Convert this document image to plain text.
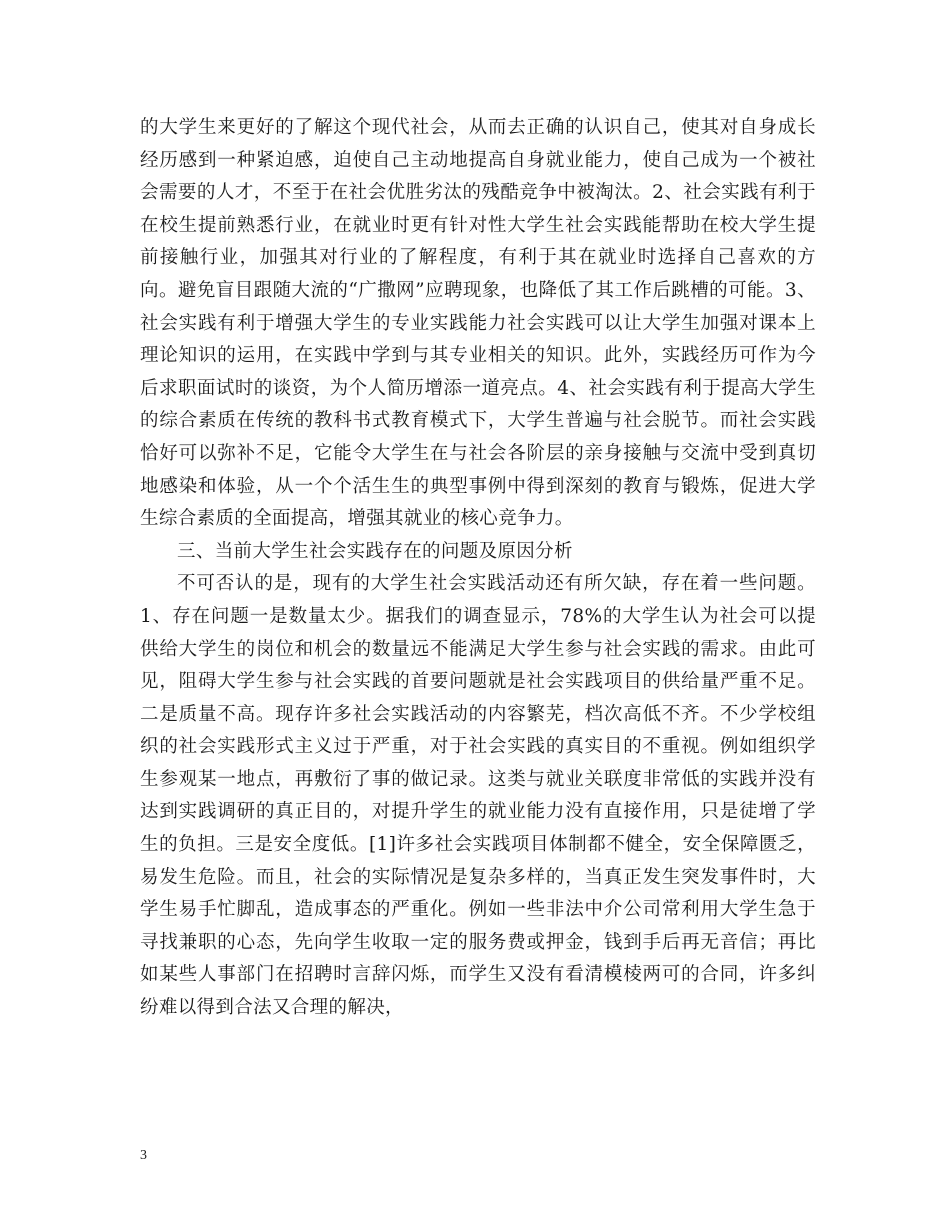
的大学生来更好的了解这个现代社会，从而去正确的认识自己，使其对自身成长经历感到一种紧迫感，迫使自己主动地提高自身就业能力，使自己成为一个被社会需要的人才，不至于在社会优胜劣汰的残酷竞争中被淘汰。2、社会实践有利于在校生提前熟悉行业，在就业时更有针对性大学生社会实践能帮助在校大学生提前接触行业，加强其对行业的了解程度，有利于其在就业时选择自己喜欢的方向。避免盲目跟随大流的“广撒网”应聘现象，也降低了其工作后跳槽的可能。3、社会实践有利于增强大学生的专业实践能力社会实践可以让大学生加强对课本上理论知识的运用，在实践中学到与其专业相关的知识。此外，实践经历可作为今后求职面试时的谈资，为个人简历增添一道亮点。4、社会实践有利于提高大学生的综合素质在传统的教科书式教育模式下，大学生普遍与社会脱节。而社会实践恰好可以弥补不足，它能令大学生在与社会各阶层的亲身接触与交流中受到真切地感染和体验，从一个个活生生的典型事例中得到深刻的教育与锻炼，促进大学生综合素质的全面提高，增强其就业的核心竞争力。

三、当前大学生社会实践存在的问题及原因分析

不可否认的是，现有的大学生社会实践活动还有所欠缺，存在着一些问题。1、存在问题一是数量太少。据我们的调查显示，78%的大学生认为社会可以提供给大学生的岗位和机会的数量远不能满足大学生参与社会实践的需求。由此可见，阻碍大学生参与社会实践的首要问题就是社会实践项目的供给量严重不足。二是质量不高。现存许多社会实践活动的内容繁芜，档次高低不齐。不少学校组织的社会实践形式主义过于严重，对于社会实践的真实目的不重视。例如组织学生参观某一地点，再敷衍了事的做记录。这类与就业关联度非常低的实践并没有达到实践调研的真正目的，对提升学生的就业能力没有直接作用，只是徒增了学生的负担。三是安全度低。[1]许多社会实践项目体制都不健全，安全保障匮乏，易发生危险。而且，社会的实际情况是复杂多样的，当真正发生突发事件时，大学生易手忙脚乱，造成事态的严重化。例如一些非法中介公司常利用大学生急于寻找兼职的心态，先向学生收取一定的服务费或押金，钱到手后再无音信；再比如某些人事部门在招聘时言辞闪烁，而学生又没有看清模棱两可的合同，许多纠纷难以得到合法又合理的解决，

3
